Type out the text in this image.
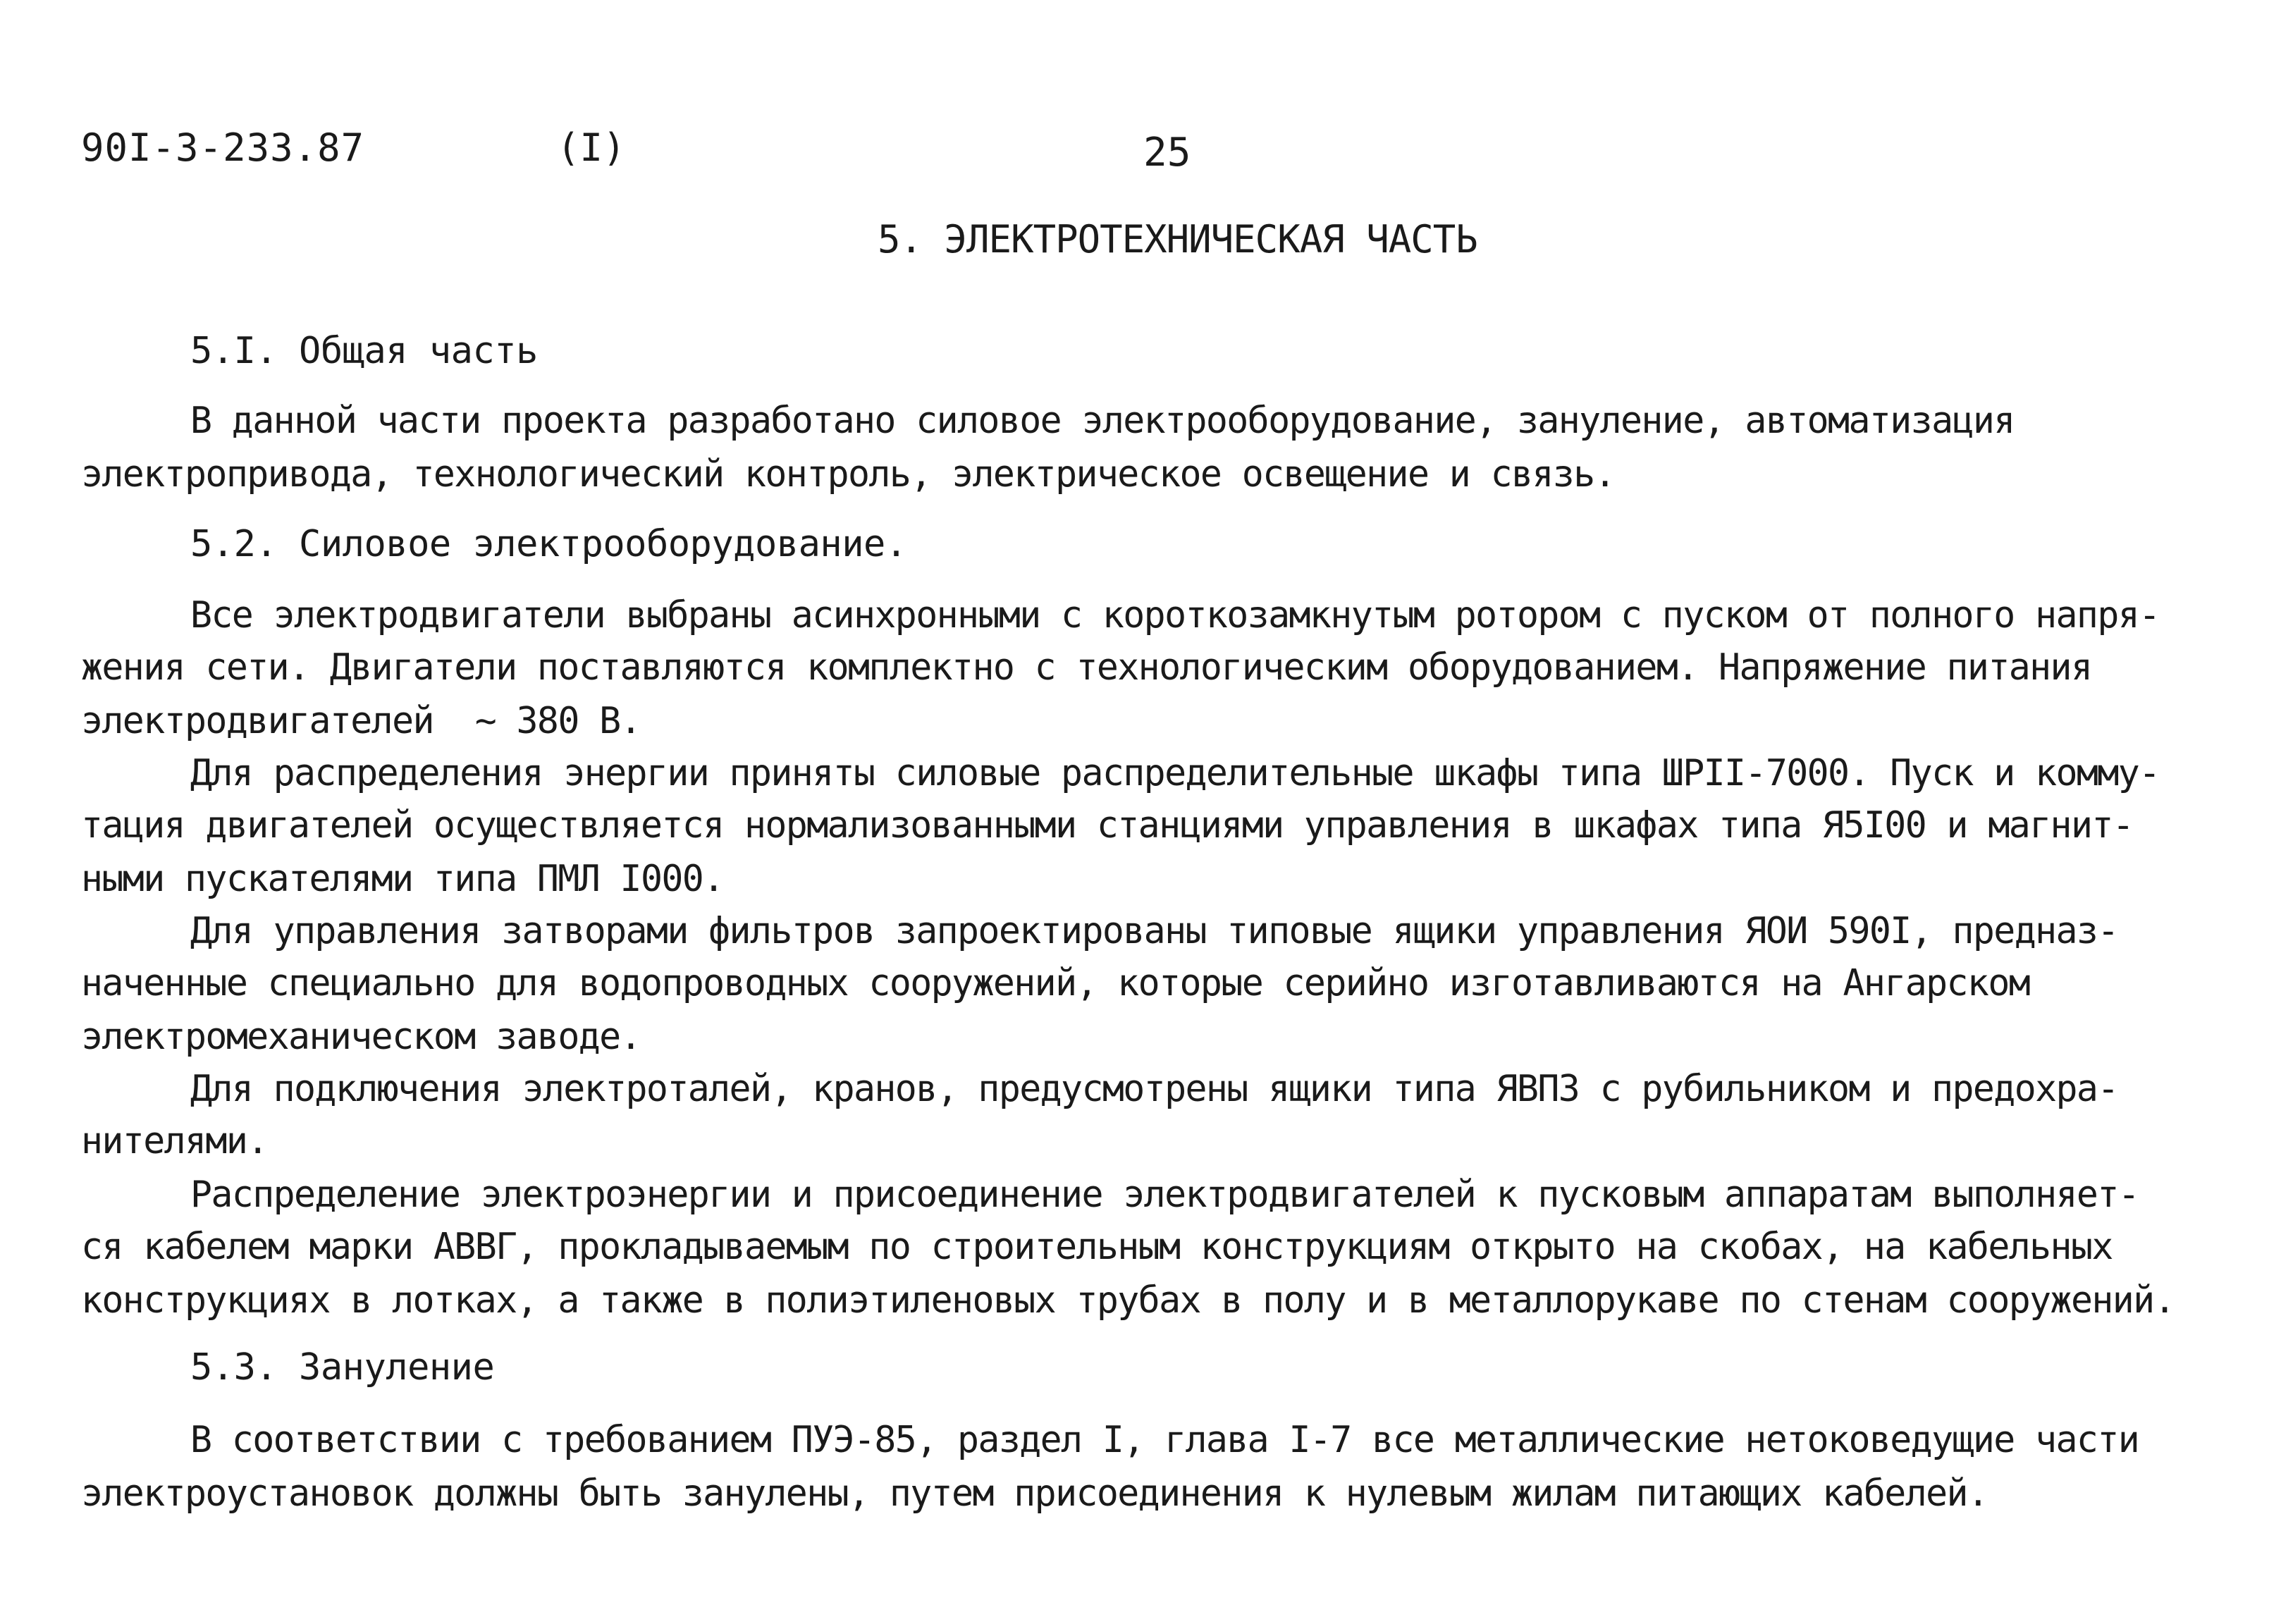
90I-3-233.87	(I)	25
5. ЭЛЕКТРОТЕХНИЧЕСКАЯ ЧАСТЬ
5.I. Общая часть
В данной части проекта разработано силовое электрооборудование, зануление, автоматизация
электропривода, технологический контроль, электрическое освещение и связь.
5.2. Силовое электрооборудование.
Все электродвигатели выбраны асинхронными с короткозамкнутым ротором с пуском от полного напря-
жения сети. Двигатели поставляются комплектно с технологическим оборудованием. Напряжение питания
электродвигателей  ~ 380 В.
Для распределения энергии приняты силовые распределительные шкафы типа ШРII-7000. Пуск и комму-
тация двигателей осуществляется нормализованными станциями управления в шкафах типа Я5I00 и магнит-
ными пускателями типа ПМЛ I000.
Для управления затворами фильтров запроектированы типовые ящики управления ЯОИ 590I, предназ-
наченные специально для водопроводных сооружений, которые серийно изготавливаются на Ангарском
электромеханическом заводе.
Для подключения электроталей, кранов, предусмотрены ящики типа ЯВПЗ с рубильником и предохра-
нителями.
Распределение электроэнергии и присоединение электродвигателей к пусковым аппаратам выполняет-
ся кабелем марки АВВГ, прокладываемым по строительным конструкциям открыто на скобах, на кабельных
конструкциях в лотках, а также в полиэтиленовых трубах в полу и в металлорукаве по стенам сооружений.
5.3. Зануление
В соответствии с требованием ПУЭ-85, раздел I, глава I-7 все металлические нетоковедущие части
электроустановок должны быть занулены, путем присоединения к нулевым жилам питающих кабелей.
